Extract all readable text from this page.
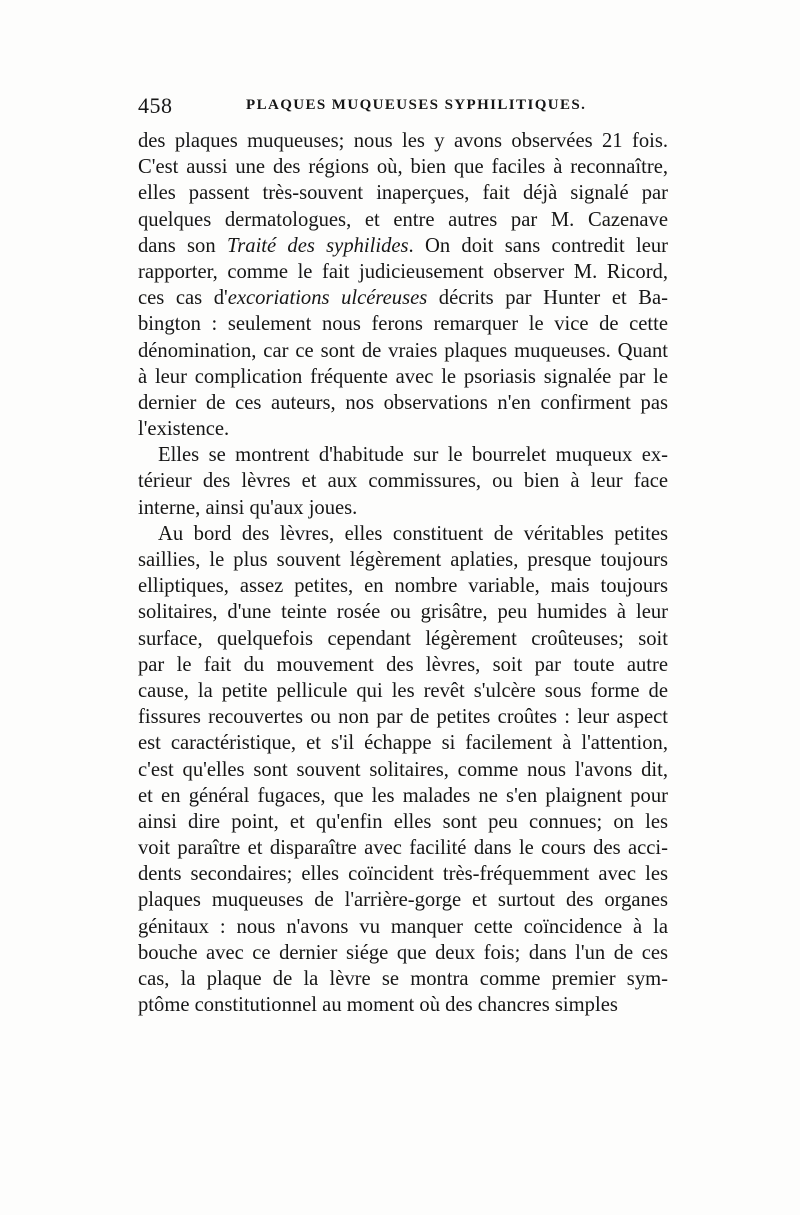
458	PLAQUES MUQUEUSES SYPHILITIQUES.
des plaques muqueuses; nous les y avons observées 21 fois.
C'est aussi une des régions où, bien que faciles à reconnaître,
elles passent très-souvent inaperçues, fait déjà signalé par
quelques dermatologues, et entre autres par M. Cazenave
dans son Traité des syphilides. On doit sans contredit leur
rapporter, comme le fait judicieusement observer M. Ricord,
ces cas d'excoriations ulcéreuses décrits par Hunter et Ba-
bington : seulement nous ferons remarquer le vice de cette
dénomination, car ce sont de vraies plaques muqueuses. Quant
à leur complication fréquente avec le psoriasis signalée par le
dernier de ces auteurs, nos observations n'en confirment pas
l'existence.
Elles se montrent d'habitude sur le bourrelet muqueux ex-
térieur des lèvres et aux commissures, ou bien à leur face
interne, ainsi qu'aux joues.
Au bord des lèvres, elles constituent de véritables petites
saillies, le plus souvent légèrement aplaties, presque toujours
elliptiques, assez petites, en nombre variable, mais toujours
solitaires, d'une teinte rosée ou grisâtre, peu humides à leur
surface, quelquefois cependant légèrement croûteuses; soit
par le fait du mouvement des lèvres, soit par toute autre
cause, la petite pellicule qui les revêt s'ulcère sous forme de
fissures recouvertes ou non par de petites croûtes : leur aspect
est caractéristique, et s'il échappe si facilement à l'attention,
c'est qu'elles sont souvent solitaires, comme nous l'avons dit,
et en général fugaces, que les malades ne s'en plaignent pour
ainsi dire point, et qu'enfin elles sont peu connues; on les
voit paraître et disparaître avec facilité dans le cours des acci-
dents secondaires; elles coïncident très-fréquemment avec les
plaques muqueuses de l'arrière-gorge et surtout des organes
génitaux : nous n'avons vu manquer cette coïncidence à la
bouche avec ce dernier siége que deux fois; dans l'un de ces
cas, la plaque de la lèvre se montra comme premier sym-
ptôme constitutionnel au moment où des chancres simples
